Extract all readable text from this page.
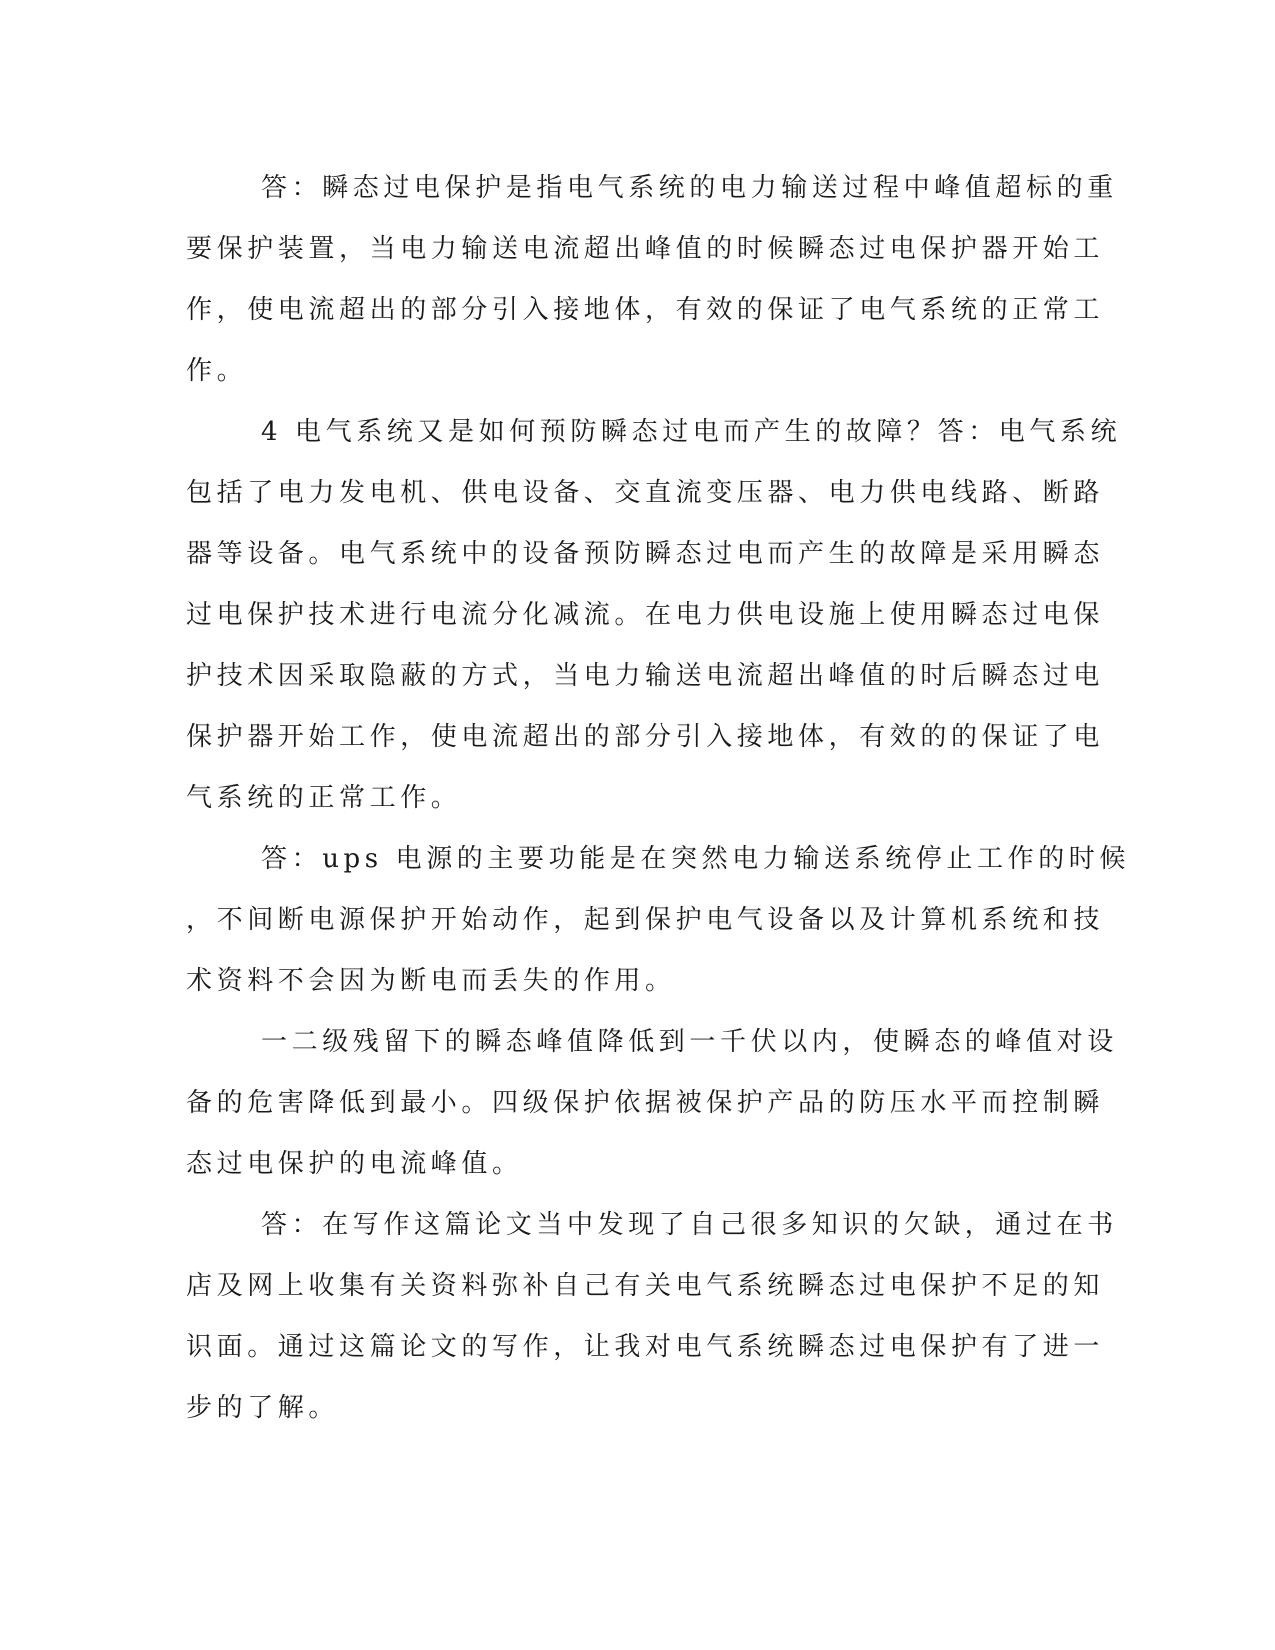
答：瞬态过电保护是指电气系统的电力输送过程中峰值超标的重
要保护装置，当电力输送电流超出峰值的时候瞬态过电保护器开始工
作，使电流超出的部分引入接地体，有效的保证了电气系统的正常工
作。
4 电气系统又是如何预防瞬态过电而产生的故障？答：电气系统
包括了电力发电机、供电设备、交直流变压器、电力供电线路、断路
器等设备。电气系统中的设备预防瞬态过电而产生的故障是采用瞬态
过电保护技术进行电流分化减流。在电力供电设施上使用瞬态过电保
护技术因采取隐蔽的方式，当电力输送电流超出峰值的时后瞬态过电
保护器开始工作，使电流超出的部分引入接地体，有效的的保证了电
气系统的正常工作。
答：ups 电源的主要功能是在突然电力输送系统停止工作的时候
，不间断电源保护开始动作，起到保护电气设备以及计算机系统和技
术资料不会因为断电而丢失的作用。
一二级残留下的瞬态峰值降低到一千伏以内，使瞬态的峰值对设
备的危害降低到最小。四级保护依据被保护产品的防压水平而控制瞬
态过电保护的电流峰值。
答：在写作这篇论文当中发现了自己很多知识的欠缺，通过在书
店及网上收集有关资料弥补自己有关电气系统瞬态过电保护不足的知
识面。通过这篇论文的写作，让我对电气系统瞬态过电保护有了进一
步的了解。
